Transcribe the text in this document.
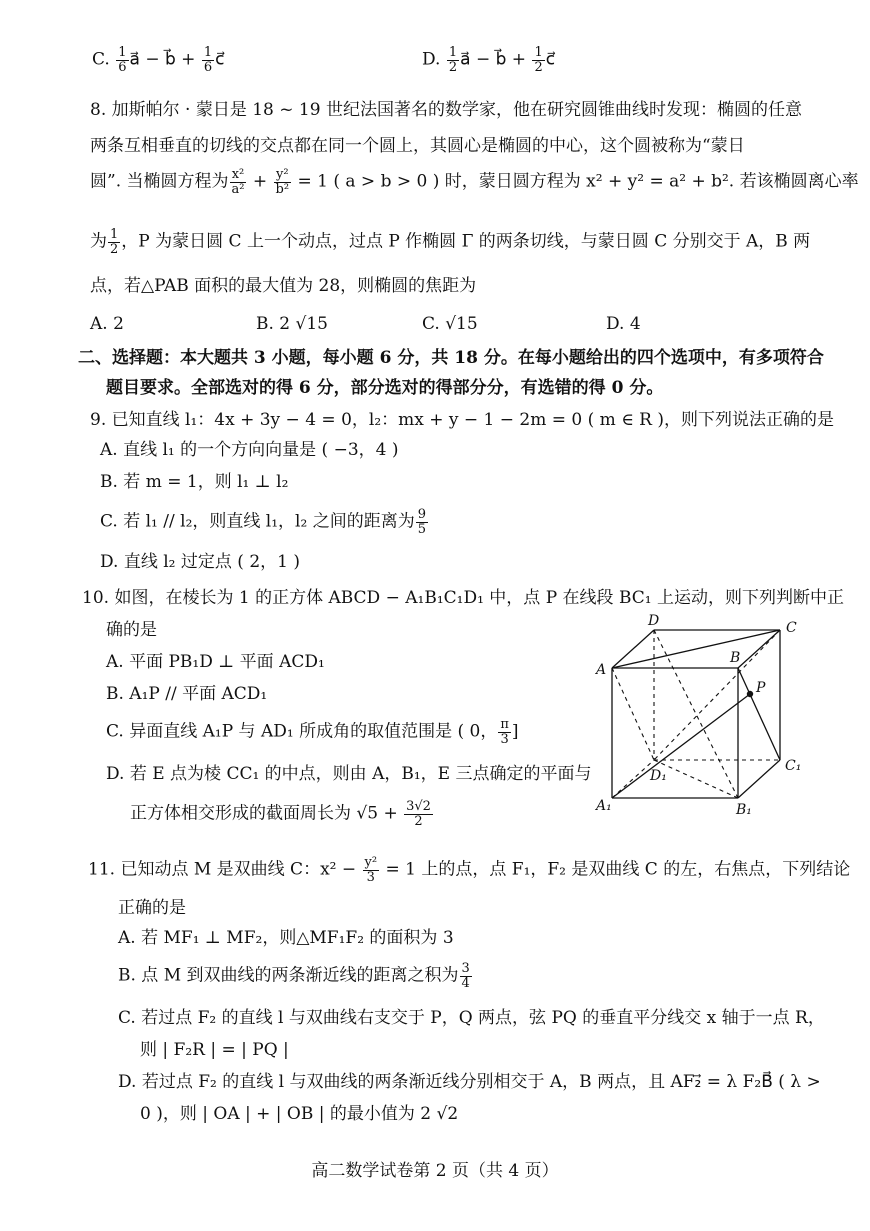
C. $\frac{1}{6}$ a⃗ − b⃗ + $\frac{1}{6}$ c⃗	D. $\frac{1}{2}$ a⃗ − b⃗ + $\frac{1}{2}$ c⃗
8. 加斯帕尔 · 蒙日是 18 ~ 19 世纪法国著名的数学家，他在研究圆锥曲线时发现：椭圆的任意
两条互相垂直的切线的交点都在同一个圆上，其圆心是椭圆的中心，这个圆被称为“蒙日
圆”. 当椭圆方程为 $\frac{\text{x²}}{\text{a²}} + \frac{\text{y²}}{\text{b²}} = 1$ ( a > b > 0 ) 时，蒙日圆方程为 x² + y² = a² + b². 若该椭圆离心率
为 $\frac{1}{2}$ ，P 为蒙日圆 C 上一个动点，过点 P 作椭圆 Γ 的两条切线，与蒙日圆 C 分别交于 A，B 两
点，若△PAB 面积的最大值为 28，则椭圆的焦距为
A. 2	B. 2 √15	C. √15	D. 4
二、选择题：本大题共 3 小题，每小题 6 分，共 18 分。在每小题给出的四个选项中，有多项符合
题目要求。全部选对的得 6 分，部分选对的得部分分，有选错的得 0 分。
9. 已知直线 l₁：4x + 3y − 4 = 0，l₂：mx + y − 1 − 2m = 0 ( m ∈ R )，则下列说法正确的是
A. 直线 l₁ 的一个方向向量是 ( −3，4 )
B. 若 m = 1，则 l₁ ⊥ l₂
C. 若 l₁ // l₂，则直线 l₁，l₂ 之间的距离为 $\frac{9}{5}$
D. 直线 l₂ 过定点 ( 2，1 )
10. 如图，在棱长为 1 的正方体 ABCD − A₁B₁C₁D₁ 中，点 P 在线段 BC₁ 上运动，则下列判断中正
确的是
A. 平面 PB₁D ⊥ 平面 ACD₁
B. A₁P // 平面 ACD₁
C. 异面直线 A₁P 与 AD₁ 所成角的取值范围是 ( 0， $\frac{\pi}{3}$ ]
D. 若 E 点为棱 CC₁ 的中点，则由 A，B₁，E 三点确定的平面与
正方体相交形成的截面周长为 $√5 + \frac{3√2}{2}$
D	C
A
B
P
D₁
C₁
A₁	B₁
11. 已知动点 M 是双曲线 C：$x^2 - \frac{\text{y²}}{3} = 1$ 上的点，点 F₁，F₂ 是双曲线 C 的左，右焦点，下列结论
正确的是
A. 若 MF₁ ⊥ MF₂，则△MF₁F₂ 的面积为 3
B. 点 M 到双曲线的两条渐近线的距离之积为 $\frac{3}{4}$
C. 若过点 F₂ 的直线 l 与双曲线右支交于 P，Q 两点，弦 PQ 的垂直平分线交 x 轴于一点 R，
则 | F₂R | = | PQ |
D. 若过点 F₂ 的直线 l 与双曲线的两条渐近线分别相交于 A，B 两点，且 AF₂⃗ = λ F₂B⃗ ( λ >
0 )，则 | OA | + | OB | 的最小值为 2 √2
高二数学试卷第 2 页（共 4 页）
